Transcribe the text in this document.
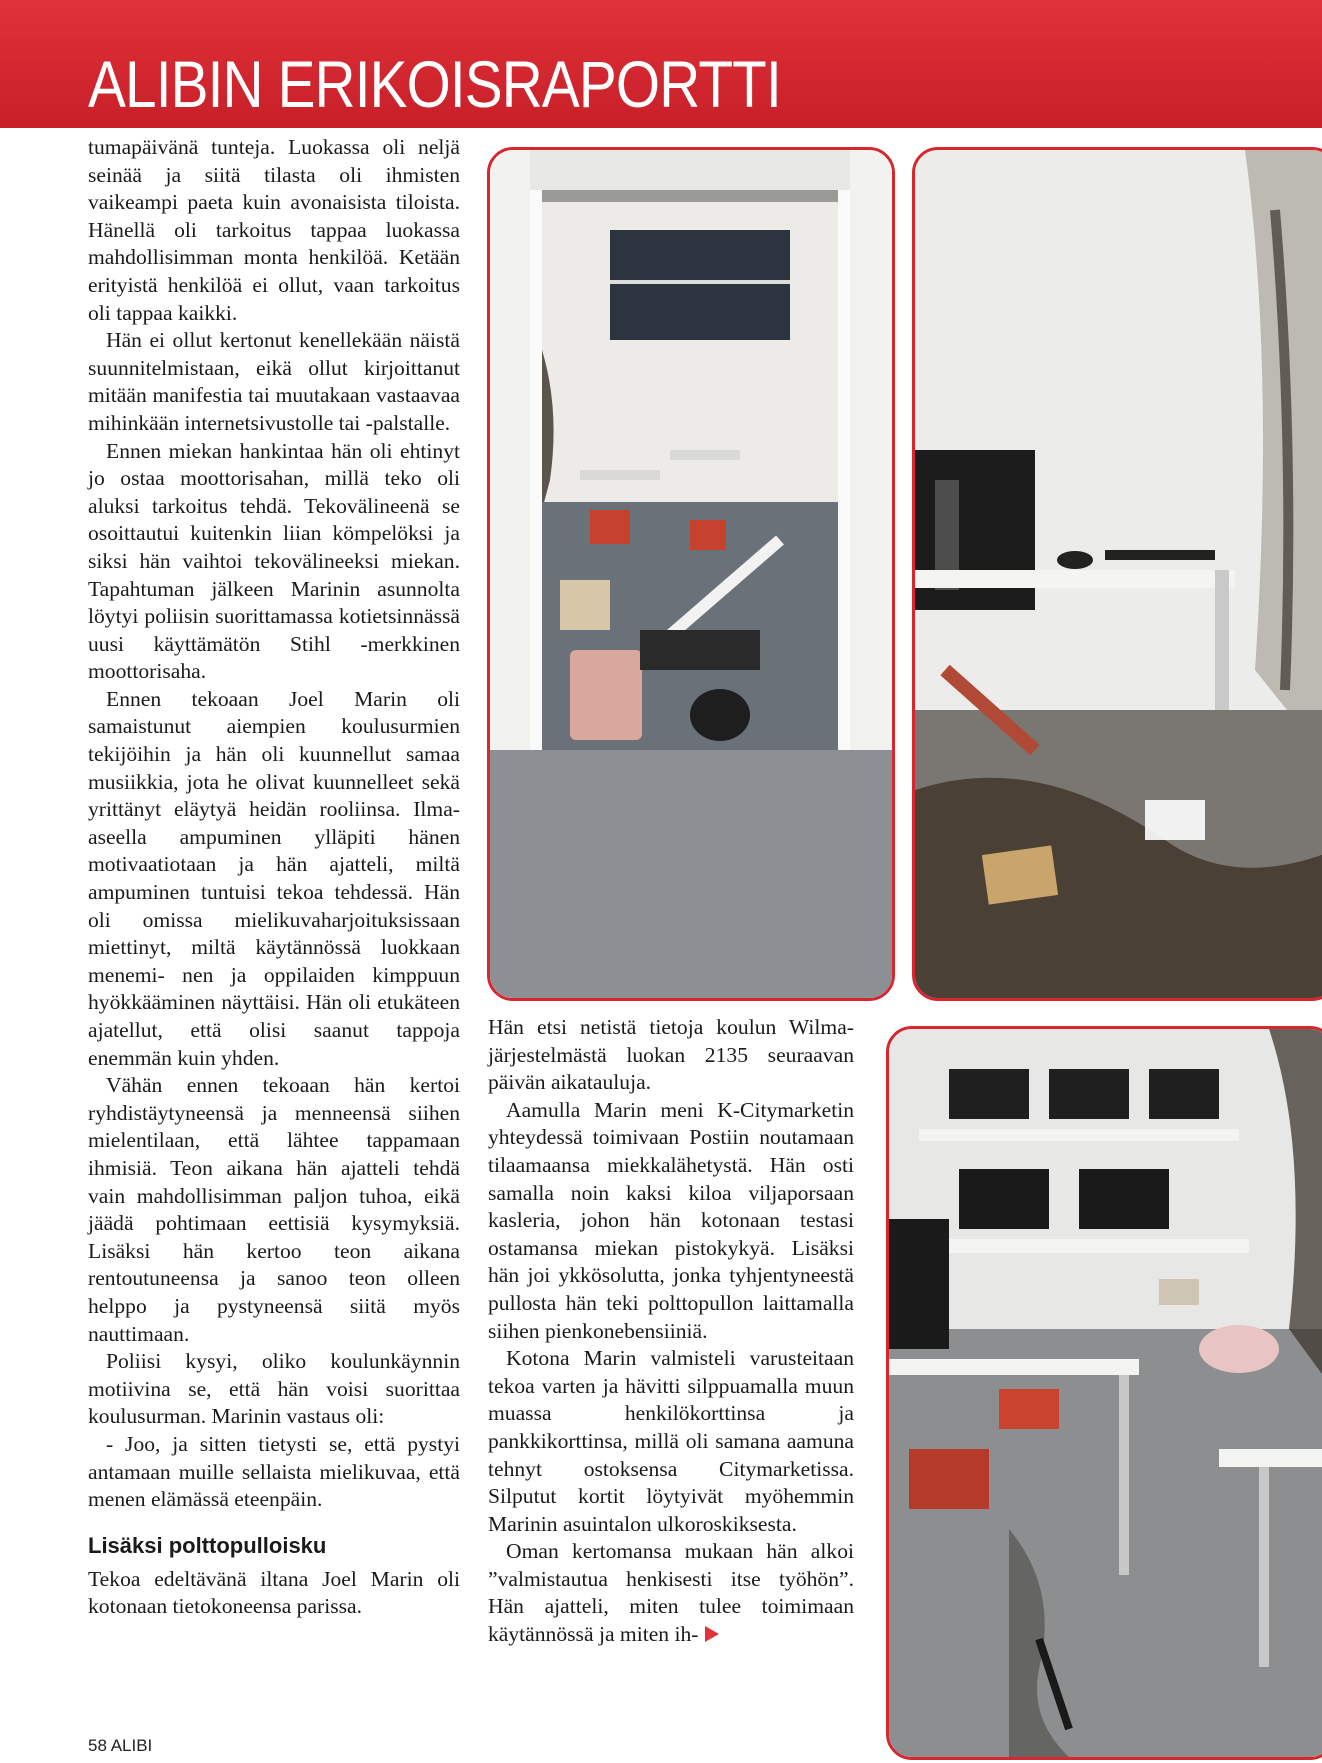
ALIBIN ERIKOISRAPORTTI

tumapäivänä tunteja. Luokassa oli neljä seinää ja siitä tilasta oli ihmisten vaikeampi paeta kuin avonaisista tiloista. Hänellä oli tarkoitus tappaa luokassa mahdollisimman monta henkilöä. Ketään erityistä henkilöä ei ollut, vaan tarkoitus oli tappaa kaikki.

Hän ei ollut kertonut kenellekään näistä suunnitelmistaan, eikä ollut kirjoittanut mitään manifestia tai muutakaan vastaavaa mihinkään internetsivustolle tai -palstalle.

Ennen miekan hankintaa hän oli ehtinyt jo ostaa moottorisahan, millä teko oli aluksi tarkoitus tehdä. Tekovälineenä se osoittautui kuitenkin liian kömpelöksi ja siksi hän vaihtoi tekovälineeksi miekan. Tapahtuman jälkeen Marinin asunnolta löytyi poliisin suorittamassa kotietsinnässä uusi käyttämätön Stihl -merkkinen moottorisaha.

Ennen tekoaan Joel Marin oli samaistunut aiempien koulusurmien tekijöihin ja hän oli kuunnellut samaa musiikkia, jota he olivat kuunnelleet sekä yrittänyt eläytyä heidän rooliinsa. Ilma-aseella ampuminen ylläpiti hänen motivaatiotaan ja hän ajatteli, miltä ampuminen tuntuisi tekoa tehdessä. Hän oli omissa mielikuvaharjoituksissaan miettinyt, miltä käytännössä luokkaan menemi- nen ja oppilaiden kimppuun hyökkääminen näyttäisi. Hän oli etukäteen ajatellut, että olisi saanut tappoja enemmän kuin yhden.

Vähän ennen tekoaan hän kertoi ryhdistäytyneensä ja menneensä siihen mielentilaan, että lähtee tappamaan ihmisiä. Teon aikana hän ajatteli tehdä vain mahdollisimman paljon tuhoa, eikä jäädä pohtimaan eettisiä kysymyksiä. Lisäksi hän kertoo teon aikana rentoutuneensa ja sanoo teon olleen helppo ja pystyneensä siitä myös nauttimaan.

Poliisi kysyi, oliko koulunkäynnin motiivina se, että hän voisi suorittaa koulusurman. Marinin vastaus oli:

- Joo, ja sitten tietysti se, että pystyi antamaan muille sellaista mielikuvaa, että menen elämässä eteenpäin.

Lisäksi polttopulloisku

Tekoa edeltävänä iltana Joel Marin oli kotonaan tietokoneensa parissa.

Hän etsi netistä tietoja koulun Wilma-järjestelmästä luokan 2135 seuraavan päivän aikatauluja.

Aamulla Marin meni K-Citymarketin yhteydessä toimivaan Postiin noutamaan tilaamaansa miekkalähetystä. Hän osti samalla noin kaksi kiloa viljaporsaan kasleria, johon hän kotonaan testasi ostamansa miekan pistokykyä. Lisäksi hän joi ykkösolutta, jonka tyhjentyneestä pullosta hän teki polttopullon laittamalla siihen pienkonebensiiniä.

Kotona Marin valmisteli varusteitaan tekoa varten ja hävitti silppuamalla muun muassa henkilökorttinsa ja pankkikorttinsa, millä oli samana aamuna tehnyt ostoksensa Citymarketissa. Silputut kortit löytyivät myöhemmin Marinin asuintalon ulkoroskiksesta.

Oman kertomansa mukaan hän alkoi ”valmistautua henkisesti itse työhön”. Hän ajatteli, miten tulee toimimaan käytännössä ja miten ih-

58 ALIBI
